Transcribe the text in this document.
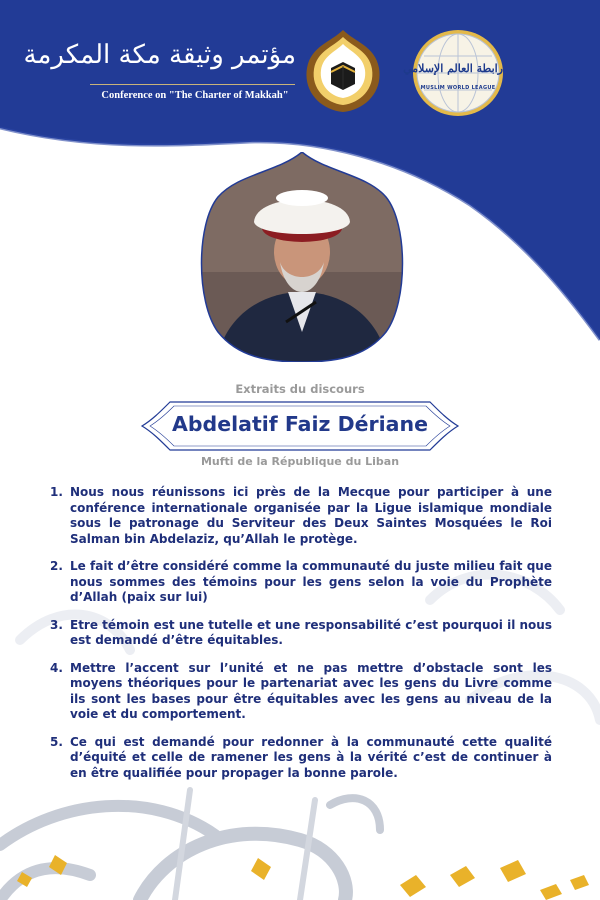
مؤتمر وثيقة مكة المكرمة
Conference on "The Charter of Makkah"
رابطة العالم الإسلامي
MUSLIM WORLD LEAGUE
Extraits du discours
Abdelatif Faiz Dériane
Mufti de la République du Liban
1. Nous nous réunissons ici près de la Mecque pour participer à une conférence internationale organisée par la Ligue islamique mondiale sous le patronage du Serviteur des Deux Saintes Mosquées le Roi Salman bin Abdelaziz, qu’Allah le protège.
2. Le fait d’être considéré comme la communauté du juste milieu fait que nous sommes des témoins pour les gens selon la voie du Prophète d’Allah (paix sur lui)
3. Etre témoin est une tutelle et une responsabilité c’est pourquoi il nous est demandé d’être équitables.
4. Mettre l’accent sur l’unité et ne pas mettre d’obstacle sont les moyens théoriques pour le partenariat avec les gens du Livre comme ils sont les bases pour être équitables avec les gens au niveau de la voie et du comportement.
5. Ce qui est demandé pour redonner à la communauté cette qualité d’équité et celle de ramener les gens à la vérité c’est de continuer à en être qualifiée pour propager la bonne parole.
